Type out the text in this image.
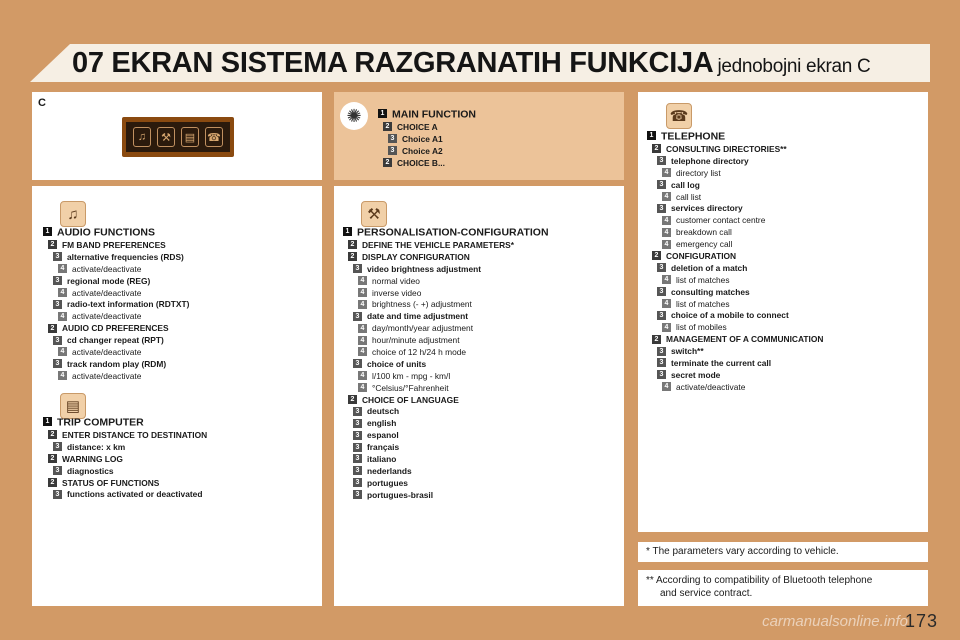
07 EKRAN SISTEMA RAZGRANATIH FUNKCIJA jednobojni ekran C
C
♫	⚒	▤	☎
✺	1 MAIN FUNCTION
2 CHOICE A
3 Choice A1
3 Choice A2
2 CHOICE B...
♫
1 AUDIO FUNCTIONS
2 FM BAND PREFERENCES
3 alternative frequencies (RDS)
4 activate/deactivate
3 regional mode (REG)
4 activate/deactivate
3 radio-text information (RDTXT)
4 activate/deactivate
2 AUDIO CD PREFERENCES
3 cd changer repeat (RPT)
4 activate/deactivate
3 track random play (RDM)
4 activate/deactivate
▤
1 TRIP COMPUTER
2 ENTER DISTANCE TO DESTINATION
3 distance: x km
2 WARNING LOG
3 diagnostics
2 STATUS OF FUNCTIONS
3 functions activated or deactivated
⚒
1 PERSONALISATION-CONFIGURATION
2 DEFINE THE VEHICLE PARAMETERS*
2 DISPLAY CONFIGURATION
3 video brightness adjustment
4 normal video
4 inverse video
4 brightness (- +) adjustment
3 date and time adjustment
4 day/month/year adjustment
4 hour/minute adjustment
4 choice of 12 h/24 h mode
3 choice of units
4 l/100 km - mpg - km/l
4 °Celsius/°Fahrenheit
2 CHOICE OF LANGUAGE
3 deutsch
3 english
3 espanol
3 français
3 italiano
3 nederlands
3 portugues
3 portugues-brasil
☎
1 TELEPHONE
2 CONSULTING DIRECTORIES**
3 telephone directory
4 directory list
3 call log
4 call list
3 services directory
4 customer contact centre
4 breakdown call
4 emergency call
2 CONFIGURATION
3 deletion of a match
4 list of matches
3 consulting matches
4 list of matches
3 choice of a mobile to connect
4 list of mobiles
2 MANAGEMENT OF A COMMUNICATION
3 switch**
3 terminate the current call
3 secret mode
4 activate/deactivate
* The parameters vary according to vehicle.
** According to compatibility of Bluetooth telephone
and service contract.
carmanualsonline.info
173
